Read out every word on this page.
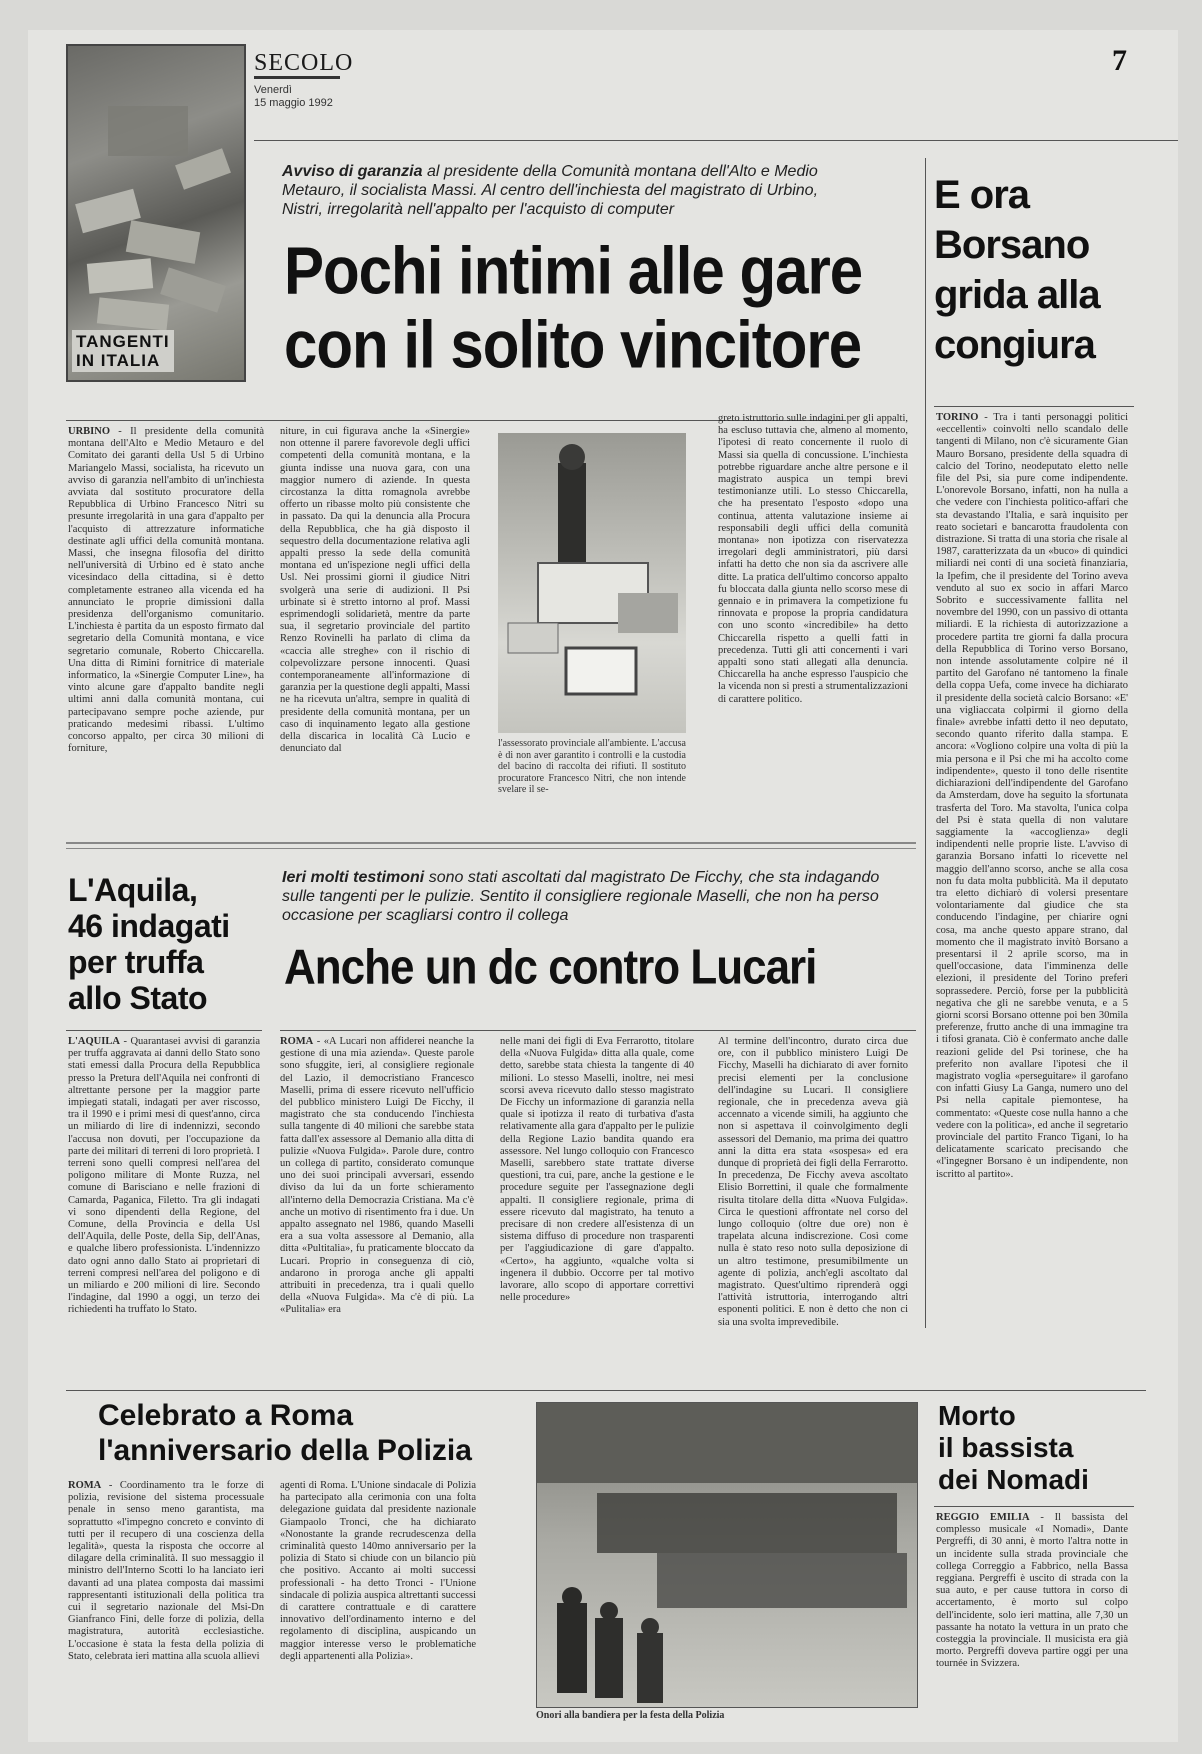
SECOLO
Venerdì
15 maggio 1992
7
TANGENTI
IN ITALIA
Avviso di garanzia al presidente della Comunità montana dell'Alto e Medio Metauro, il socialista Massi. Al centro dell'inchiesta del magistrato di Urbino, Nistri, irregolarità nell'appalto per l'acquisto di computer
Pochi intimi alle gare
con il solito vincitore
URBINO - Il presidente della comunità montana dell'Alto e Medio Metauro e del Comitato dei garanti della Usl 5 di Urbino Mariangelo Massi, socialista, ha ricevuto un avviso di garanzia nell'ambito di un'inchiesta avviata dal sostituto procuratore della Repubblica di Urbino Francesco Nitri su presunte irregolarità in una gara d'appalto per l'acquisto di attrezzature informatiche destinate agli uffici della comunità montana. Massi, che insegna filosofia del diritto nell'università di Urbino ed è stato anche vicesindaco della cittadina, si è detto completamente estraneo alla vicenda ed ha annunciato le proprie dimissioni dalla presidenza dell'organismo comunitario. L'inchiesta è partita da un esposto firmato dal segretario della Comunità montana, e vice segretario comunale, Roberto Chiccarella. Una ditta di Rimini fornitrice di materiale informatico, la «Sinergie Computer Line», ha vinto alcune gare d'appalto bandite negli ultimi anni dalla comunità montana, cui partecipavano sempre poche aziende, pur praticando medesimi ribassi. L'ultimo concorso appalto, per circa 30 milioni di forniture,
niture, in cui figurava anche la «Sinergie» non ottenne il parere favorevole degli uffici competenti della comunità montana, e la giunta indisse una nuova gara, con una maggior numero di aziende. In questa circostanza la ditta romagnola avrebbe offerto un ribasse molto più consistente che in passato. Da qui la denuncia alla Procura della Repubblica, che ha già disposto il sequestro della documentazione relativa agli appalti presso la sede della comunità montana ed un'ispezione negli uffici della Usl. Nei prossimi giorni il giudice Nitri svolgerà una serie di audizioni. Il Psi urbinate si è stretto intorno al prof. Massi esprimendogli solidarietà, mentre da parte sua, il segretario provinciale del partito Renzo Rovinelli ha parlato di clima da «caccia alle streghe» con il rischio di colpevolizzare persone innocenti. Quasi contemporaneamente all'informazione di garanzia per la questione degli appalti, Massi ne ha ricevuta un'altra, sempre in qualità di presidente della comunità montana, per un caso di inquinamento legato alla gestione della discarica in località Cà Lucio e denunciato dal	l'assessorato provinciale all'ambiente. L'accusa è di non aver garantito i controlli e la custodia del bacino di raccolta dei rifiuti. Il sostituto procuratore Francesco Nitri, che non intende svelare il se-
greto istruttorio sulle indagini per gli appalti, ha escluso tuttavia che, almeno al momento, l'ipotesi di reato concernente il ruolo di Massi sia quella di concussione. L'inchiesta potrebbe riguardare anche altre persone e il magistrato auspica un tempi brevi testimonianze utili. Lo stesso Chiccarella, che ha presentato l'esposto «dopo una continua, attenta valutazione insieme ai responsabili degli uffici della comunità montana» non ipotizza con riservatezza irregolari degli amministratori, più darsi infatti ha detto che non sia da ascrivere alle ditte. La pratica dell'ultimo concorso appalto fu bloccata dalla giunta nello scorso mese di gennaio e in primavera la competizione fu rinnovata e propose la propria candidatura con uno sconto «incredibile» ha detto Chiccarella rispetto a quelli fatti in precedenza. Tutti gli atti concernenti i vari appalti sono stati allegati alla denuncia. Chiccarella ha anche espresso l'auspicio che la vicenda non si presti a strumentalizzazioni di carattere politico.
E ora
Borsano
grida alla
congiura
TORINO - Tra i tanti personaggi politici «eccellenti» coinvolti nello scandalo delle tangenti di Milano, non c'è sicuramente Gian Mauro Borsano, presidente della squadra di calcio del Torino, neodeputato eletto nelle file del Psi, sia pure come indipendente. L'onorevole Borsano, infatti, non ha nulla a che vedere con l'inchiesta politico-affari che sta devastando l'Italia, e sarà inquisito per reato societari e bancarotta fraudolenta con distrazione. Si tratta di una storia che risale al 1987, caratterizzata da un «buco» di quindici miliardi nei conti di una società finanziaria, la Ipefim, che il presidente del Torino aveva venduto al suo ex socio in affari Marco Sobrito e successivamente fallita nel novembre del 1990, con un passivo di ottanta miliardi. E la richiesta di autorizzazione a procedere partita tre giorni fa dalla procura della Repubblica di Torino verso Borsano, non intende assolutamente colpire né il partito del Garofano né tantomeno la finale della coppa Uefa, come invece ha dichiarato il presidente della società calcio Borsano: «E' una vigliaccata colpirmi il giorno della finale» avrebbe infatti detto il neo deputato, secondo quanto riferito dalla stampa. E ancora: «Vogliono colpire una volta di più la mia persona e il Psi che mi ha accolto come indipendente», questo il tono delle risentite dichiarazioni dell'indipendente del Garofano da Amsterdam, dove ha seguito la sfortunata trasferta del Toro. Ma stavolta, l'unica colpa del Psi è stata quella di non valutare saggiamente la «accoglienza» degli indipendenti nelle proprie liste. L'avviso di garanzia Borsano infatti lo ricevette nel maggio dell'anno scorso, anche se alla cosa non fu data molta pubblicità. Ma il deputato tra eletto dichiarò di volersi presentare volontariamente dal giudice che sta conducendo l'indagine, per chiarire ogni cosa, ma anche questo appare strano, dal momento che il magistrato invitò Borsano a presentarsi il 2 aprile scorso, ma in quell'occasione, data l'imminenza delle elezioni, il presidente del Torino preferì soprassedere. Perciò, forse per la pubblicità negativa che gli ne sarebbe venuta, e a 5 giorni scorsi Borsano ottenne poi ben 30mila preferenze, frutto anche di una immagine tra i tifosi granata. Ciò è confermato anche dalle reazioni gelide del Psi torinese, che ha preferito non avallare l'ipotesi che il magistrato voglia «perseguitare» il garofano con infatti Giusy La Ganga, numero uno del Psi nella capitale piemontese, ha commentato: «Queste cose nulla hanno a che vedere con la politica», ed anche il segretario provinciale del partito Franco Tigani, lo ha delicatamente scaricato precisando che «l'ingegner Borsano è un indipendente, non iscritto al partito».
L'Aquila,
46 indagati
per truffa
allo Stato
L'AQUILA - Quarantasei avvisi di garanzia per truffa aggravata ai danni dello Stato sono stati emessi dalla Procura della Repubblica presso la Pretura dell'Aquila nei confronti di altrettante persone per la maggior parte impiegati statali, indagati per aver riscosso, tra il 1990 e i primi mesi di quest'anno, circa un miliardo di lire di indennizzi, secondo l'accusa non dovuti, per l'occupazione da parte dei militari di terreni di loro proprietà. I terreni sono quelli compresi nell'area del poligono militare di Monte Ruzza, nel comune di Barisciano e nelle frazioni di Camarda, Paganica, Filetto. Tra gli indagati vi sono dipendenti della Regione, del Comune, della Provincia e della Usl dell'Aquila, delle Poste, della Sip, dell'Anas, e qualche libero professionista. L'indennizzo dato ogni anno dallo Stato ai proprietari di terreni compresi nell'area del poligono e di un miliardo e 200 milioni di lire. Secondo l'indagine, dal 1990 a oggi, un terzo dei richiedenti ha truffato lo Stato.
Ieri molti testimoni sono stati ascoltati dal magistrato De Ficchy, che sta indagando sulle tangenti per le pulizie. Sentito il consigliere regionale Maselli, che non ha perso occasione per scagliarsi contro il collega
Anche un dc contro Lucari
ROMA - «A Lucari non affiderei neanche la gestione di una mia azienda». Queste parole sono sfuggite, ieri, al consigliere regionale del Lazio, il democristiano Francesco Maselli, prima di essere ricevuto nell'ufficio del pubblico ministero Luigi De Ficchy, il magistrato che sta conducendo l'inchiesta sulla tangente di 40 milioni che sarebbe stata fatta dall'ex assessore al Demanio alla ditta di pulizie «Nuova Fulgida». Parole dure, contro un collega di partito, considerato comunque uno dei suoi principali avversari, essendo diviso da lui da un forte schieramento all'interno della Democrazia Cristiana. Ma c'è anche un motivo di risentimento fra i due. Un appalto assegnato nel 1986, quando Maselli era a sua volta assessore al Demanio, alla ditta «Pultitalia», fu praticamente bloccato da Lucari. Proprio in conseguenza di ciò, andarono in proroga anche gli appalti attribuiti in precedenza, tra i quali quello della «Nuova Fulgida». Ma c'è di più. La «Pulitalia» era
nelle mani dei figli di Eva Ferrarotto, titolare della «Nuova Fulgida» ditta alla quale, come detto, sarebbe stata chiesta la tangente di 40 milioni. Lo stesso Maselli, inoltre, nei mesi scorsi aveva ricevuto dallo stesso magistrato De Ficchy un informazione di garanzia nella quale si ipotizza il reato di turbativa d'asta relativamente alla gara d'appalto per le pulizie della Regione Lazio bandita quando era assessore. Nel lungo colloquio con Francesco Maselli, sarebbero state trattate diverse questioni, tra cui, pare, anche la gestione e le procedure seguite per l'assegnazione degli appalti. Il consigliere regionale, prima di essere ricevuto dal magistrato, ha tenuto a precisare di non credere all'esistenza di un sistema diffuso di procedure non trasparenti per l'aggiudicazione di gare d'appalto. «Certo», ha aggiunto, «qualche volta si ingenera il dubbio. Occorre per tal motivo lavorare, allo scopo di apportare correttivi nelle procedure»
Al termine dell'incontro, durato circa due ore, con il pubblico ministero Luigi De Ficchy, Maselli ha dichiarato di aver fornito precisi elementi per la conclusione dell'indagine su Lucari. Il consigliere regionale, che in precedenza aveva già accennato a vicende simili, ha aggiunto che non si aspettava il coinvolgimento degli assessori del Demanio, ma prima dei quattro anni la ditta era stata «sospesa» ed era dunque di proprietà dei figli della Ferrarotto. In precedenza, De Ficchy aveva ascoltato Elisio Borrettini, il quale che formalmente risulta titolare della ditta «Nuova Fulgida». Circa le questioni affrontate nel corso del lungo colloquio (oltre due ore) non è trapelata alcuna indiscrezione. Così come nulla è stato reso noto sulla deposizione di un altro testimone, presumibilmente un agente di polizia, anch'egli ascoltato dal magistrato. Quest'ultimo riprenderà oggi l'attività istruttoria, interrogando altri esponenti politici. E non è detto che non ci sia una svolta imprevedibile.
Celebrato a Roma
l'anniversario della Polizia
ROMA - Coordinamento tra le forze di polizia, revisione del sistema processuale penale in senso meno garantista, ma soprattutto «l'impegno concreto e convinto di tutti per il recupero di una coscienza della legalità», questa la risposta che occorre al dilagare della criminalità. Il suo messaggio il ministro dell'Interno Scotti lo ha lanciato ieri davanti ad una platea composta dai massimi rappresentanti istituzionali della politica tra cui il segretario nazionale del Msi-Dn Gianfranco Fini, delle forze di polizia, della magistratura, autorità ecclesiastiche. L'occasione è stata la festa della polizia di Stato, celebrata ieri mattina alla scuola allievi
agenti di Roma. L'Unione sindacale di Polizia ha partecipato alla cerimonia con una folta delegazione guidata dal presidente nazionale Giampaolo Tronci, che ha dichiarato «Nonostante la grande recrudescenza della criminalità questo 140mo anniversario per la polizia di Stato si chiude con un bilancio più che positivo. Accanto ai molti successi professionali - ha detto Tronci - l'Unione sindacale di polizia auspica altrettanti successi di carattere contrattuale e di carattere innovativo dell'ordinamento interno e del regolamento di disciplina, auspicando un maggior interesse verso le problematiche degli appartenenti alla Polizia».
Onori alla bandiera per la festa della Polizia
Morto
il bassista
dei Nomadi
REGGIO EMILIA - Il bassista del complesso musicale «I Nomadi», Dante Pergreffi, di 30 anni, è morto l'altra notte in un incidente sulla strada provinciale che collega Correggio a Fabbrico, nella Bassa reggiana. Pergreffi è uscito di strada con la sua auto, e per cause tuttora in corso di accertamento, è morto sul colpo dell'incidente, solo ieri mattina, alle 7,30 un passante ha notato la vettura in un prato che costeggia la provinciale. Il musicista era già morto. Pergreffi doveva partire oggi per una tournée in Svizzera.
